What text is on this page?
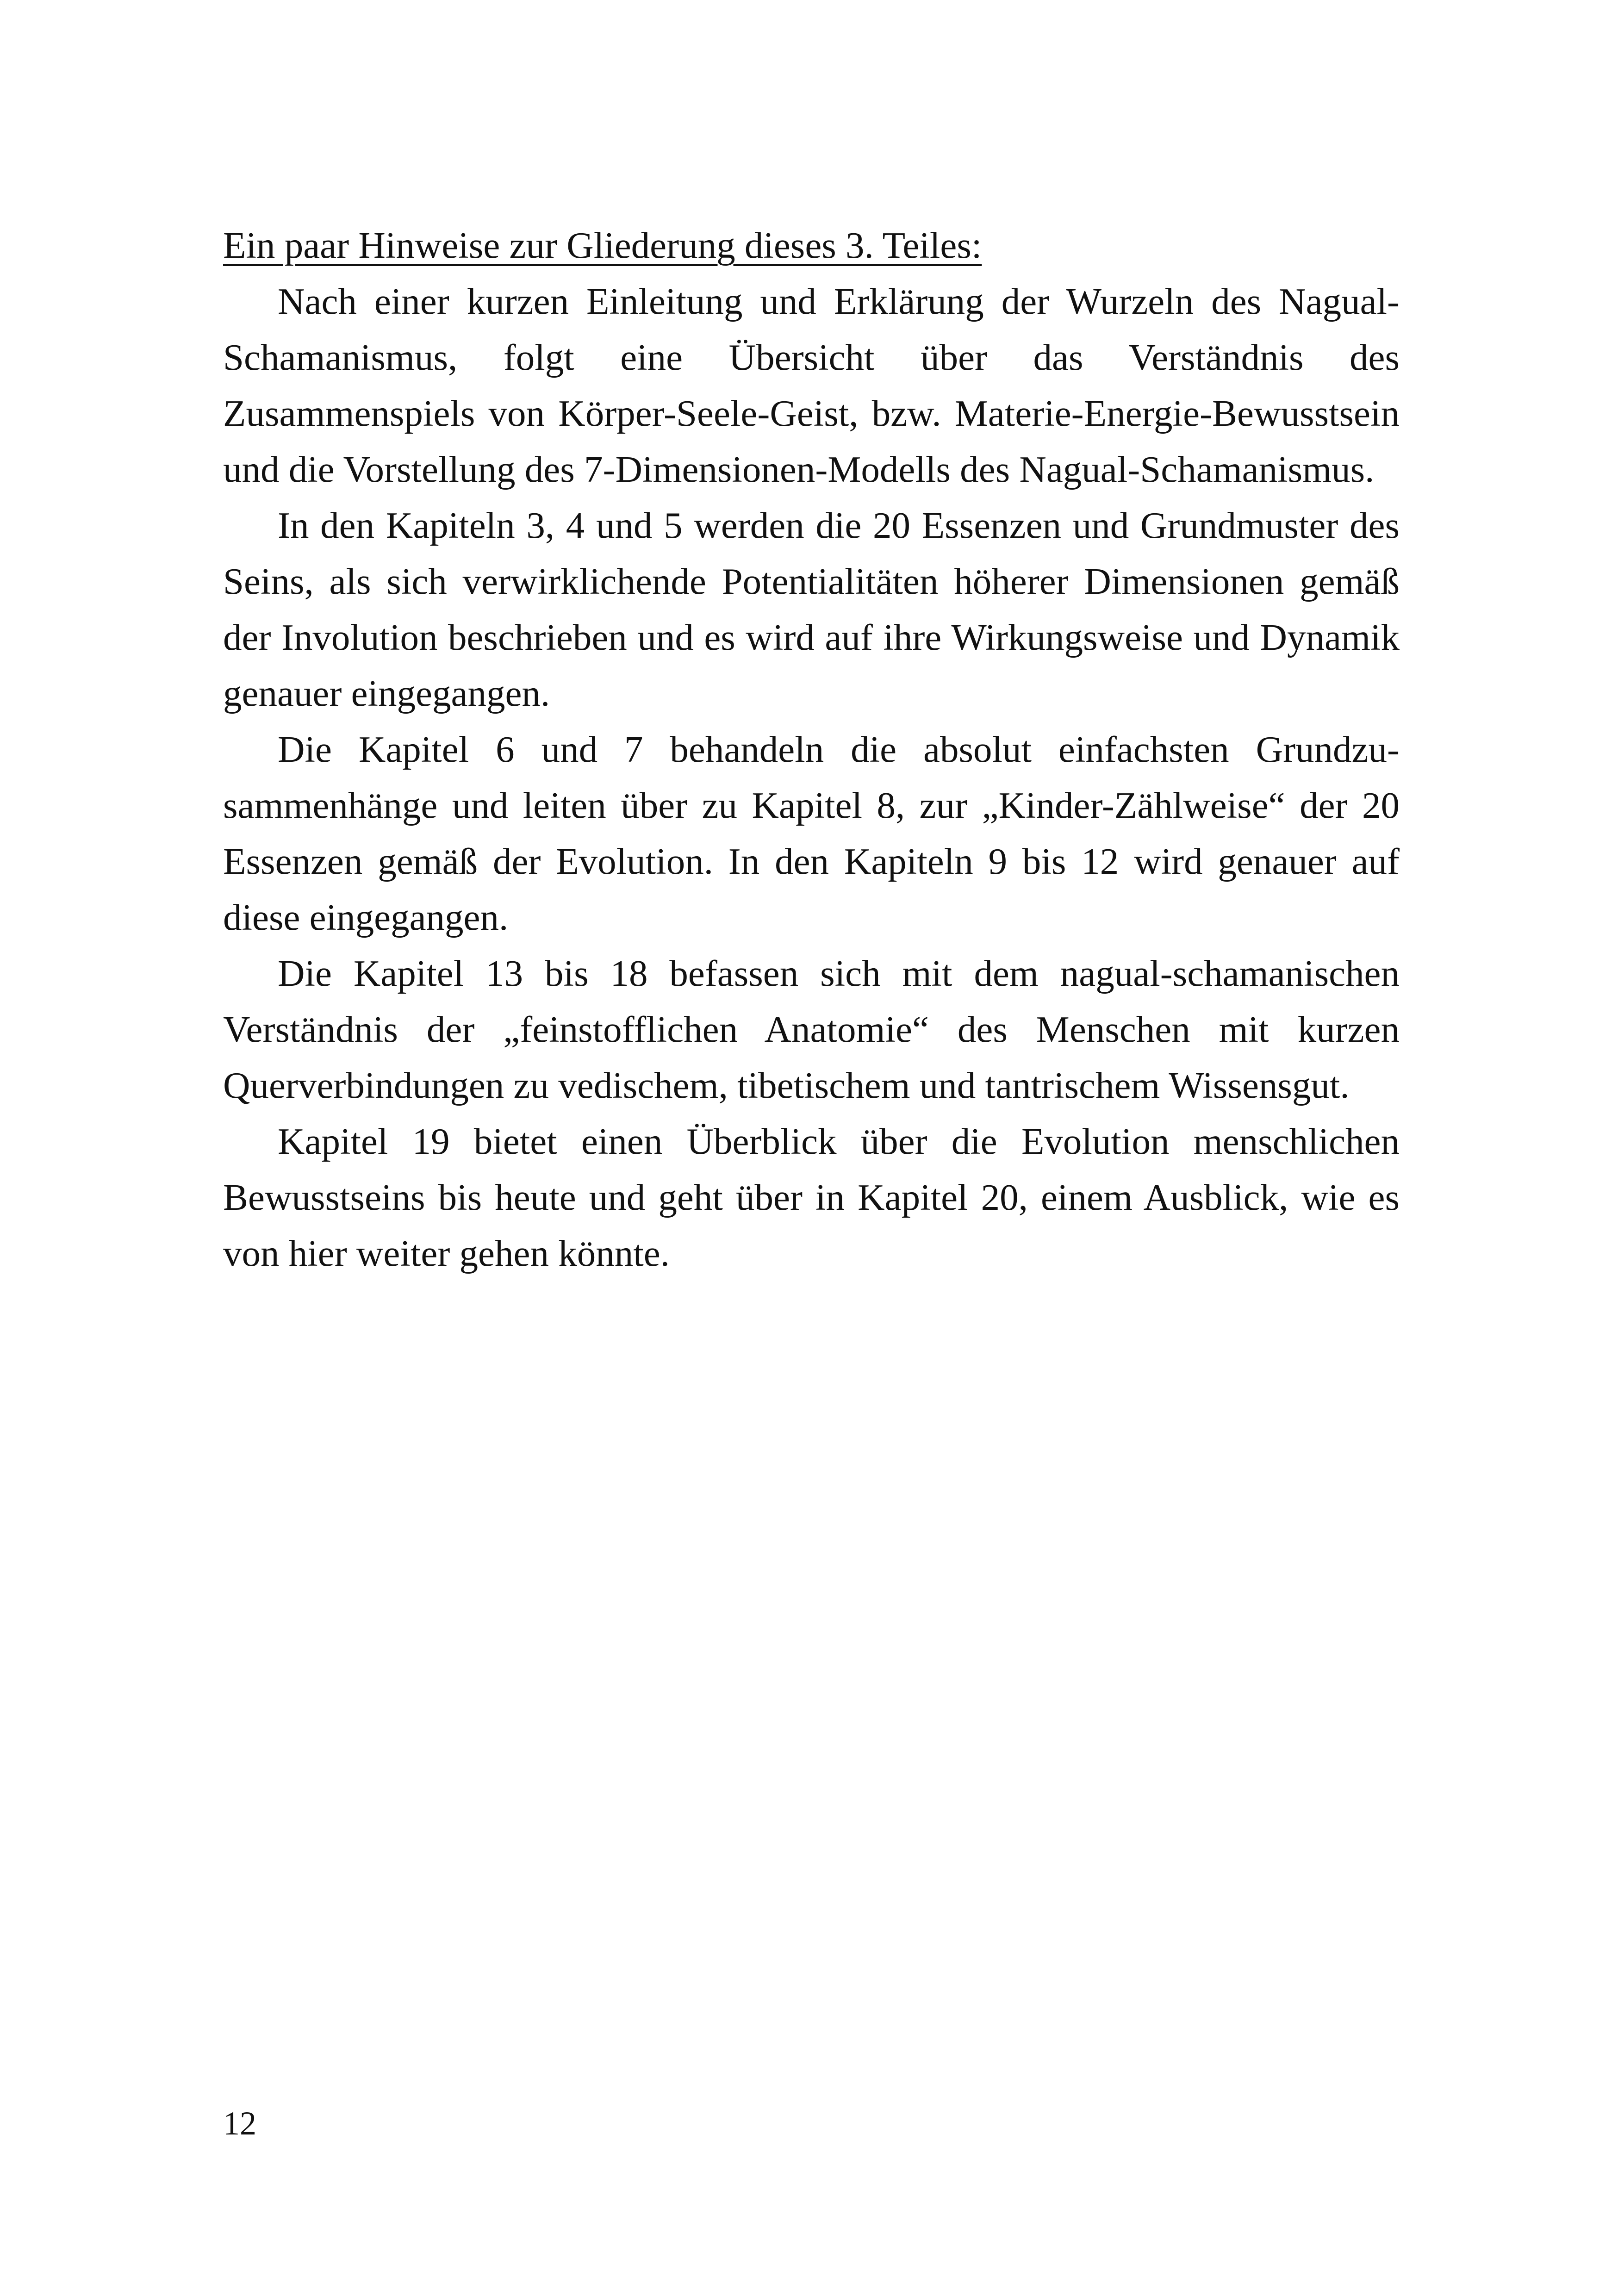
Ein paar Hinweise zur Gliederung dieses 3. Teiles:

Nach einer kurzen Einleitung und Erklärung der Wurzeln des Nagual-Schamanismus, folgt eine Übersicht über das Verständnis des Zusammenspiels von Körper-Seele-Geist, bzw. Materie-Energie-Bewusstsein und die Vorstellung des 7-Dimensionen-Modells des Nagual-Schamanismus.

In den Kapiteln 3, 4 und 5 werden die 20 Essenzen und Grundmuster des Seins, als sich verwirklichende Potentialitäten höherer Dimensionen gemäß der Involution beschrieben und es wird auf ihre Wirkungsweise und Dynamik genauer eingegangen.

Die Kapitel 6 und 7 behandeln die absolut einfachsten Grundzusammenhänge und leiten über zu Kapitel 8, zur „Kinder-Zählweise“ der 20 Essenzen gemäß der Evolution. In den Kapiteln 9 bis 12 wird genauer auf diese eingegangen.

Die Kapitel 13 bis 18 befassen sich mit dem nagual-schamanischen Verständnis der „feinstofflichen Anatomie“ des Menschen mit kurzen Querverbindungen zu vedischem, tibetischem und tantrischem Wissensgut.

Kapitel 19 bietet einen Überblick über die Evolution menschlichen Bewusstseins bis heute und geht über in Kapitel 20, einem Ausblick, wie es von hier weiter gehen könnte.

12
